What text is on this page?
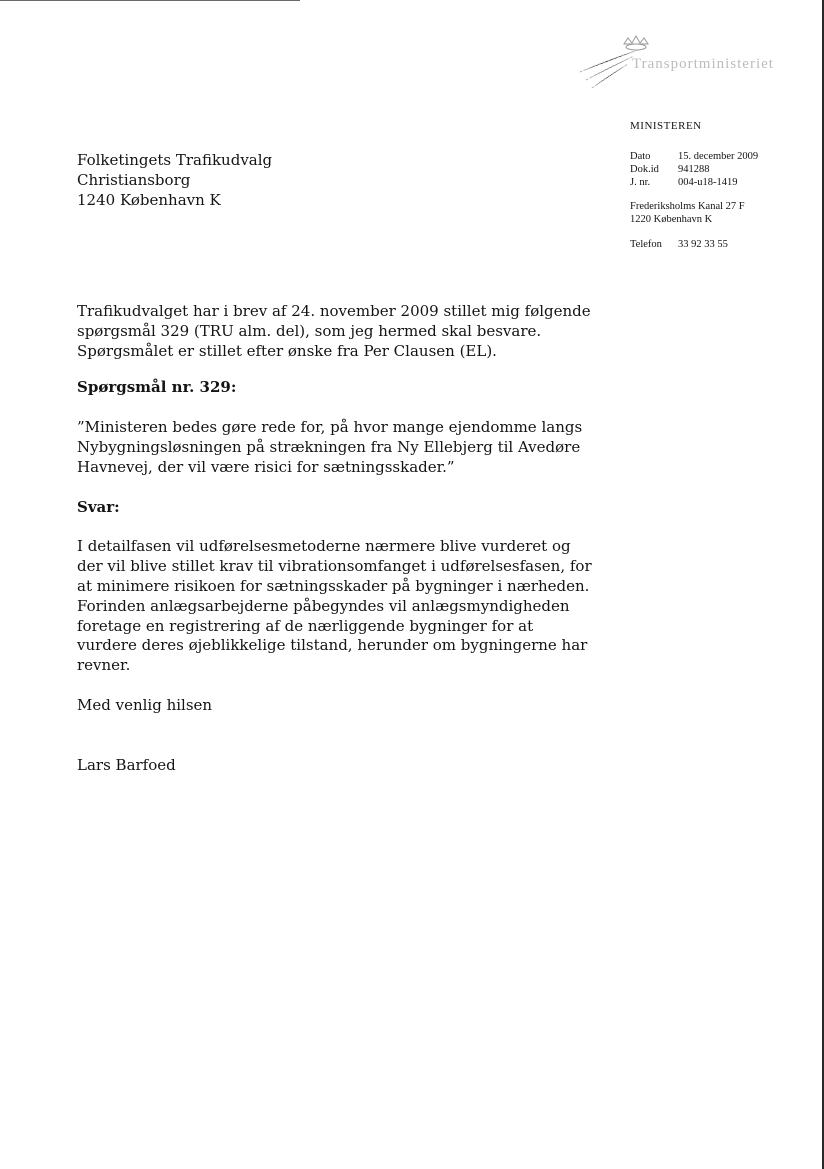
Transportministeriet
MINISTEREN
Dato	15. december 2009
Dok.id	941288
J. nr.	004-u18-1419
Frederiksholms Kanal 27 F
1220 København K
Telefon	33 92 33 55
Folketingets Trafikudvalg
Christiansborg
1240 København K

Trafikudvalget har i brev af 24. november 2009 stillet mig følgende spørgsmål 329 (TRU alm. del), som jeg hermed skal besvare. Spørgsmålet er stillet efter ønske fra Per Clausen (EL).

Spørgsmål nr. 329:

”Ministeren bedes gøre rede for, på hvor mange ejendomme langs Nybygningsløsningen på strækningen fra Ny Ellebjerg til Avedøre Havnevej, der vil være risici for sætningsskader.”

Svar:

I detailfasen vil udførelsesmetoderne nærmere blive vurderet og der vil blive stillet krav til vibrationsomfanget i udførelsesfasen, for at minimere risikoen for sætningsskader på bygninger i nærheden. Forinden anlægsarbejderne påbegyndes vil anlægsmyndigheden foretage en registrering af de nærliggende bygninger for at vurdere deres øjeblikkelige tilstand, herunder om bygningerne har revner.

Med venlig hilsen

Lars Barfoed
